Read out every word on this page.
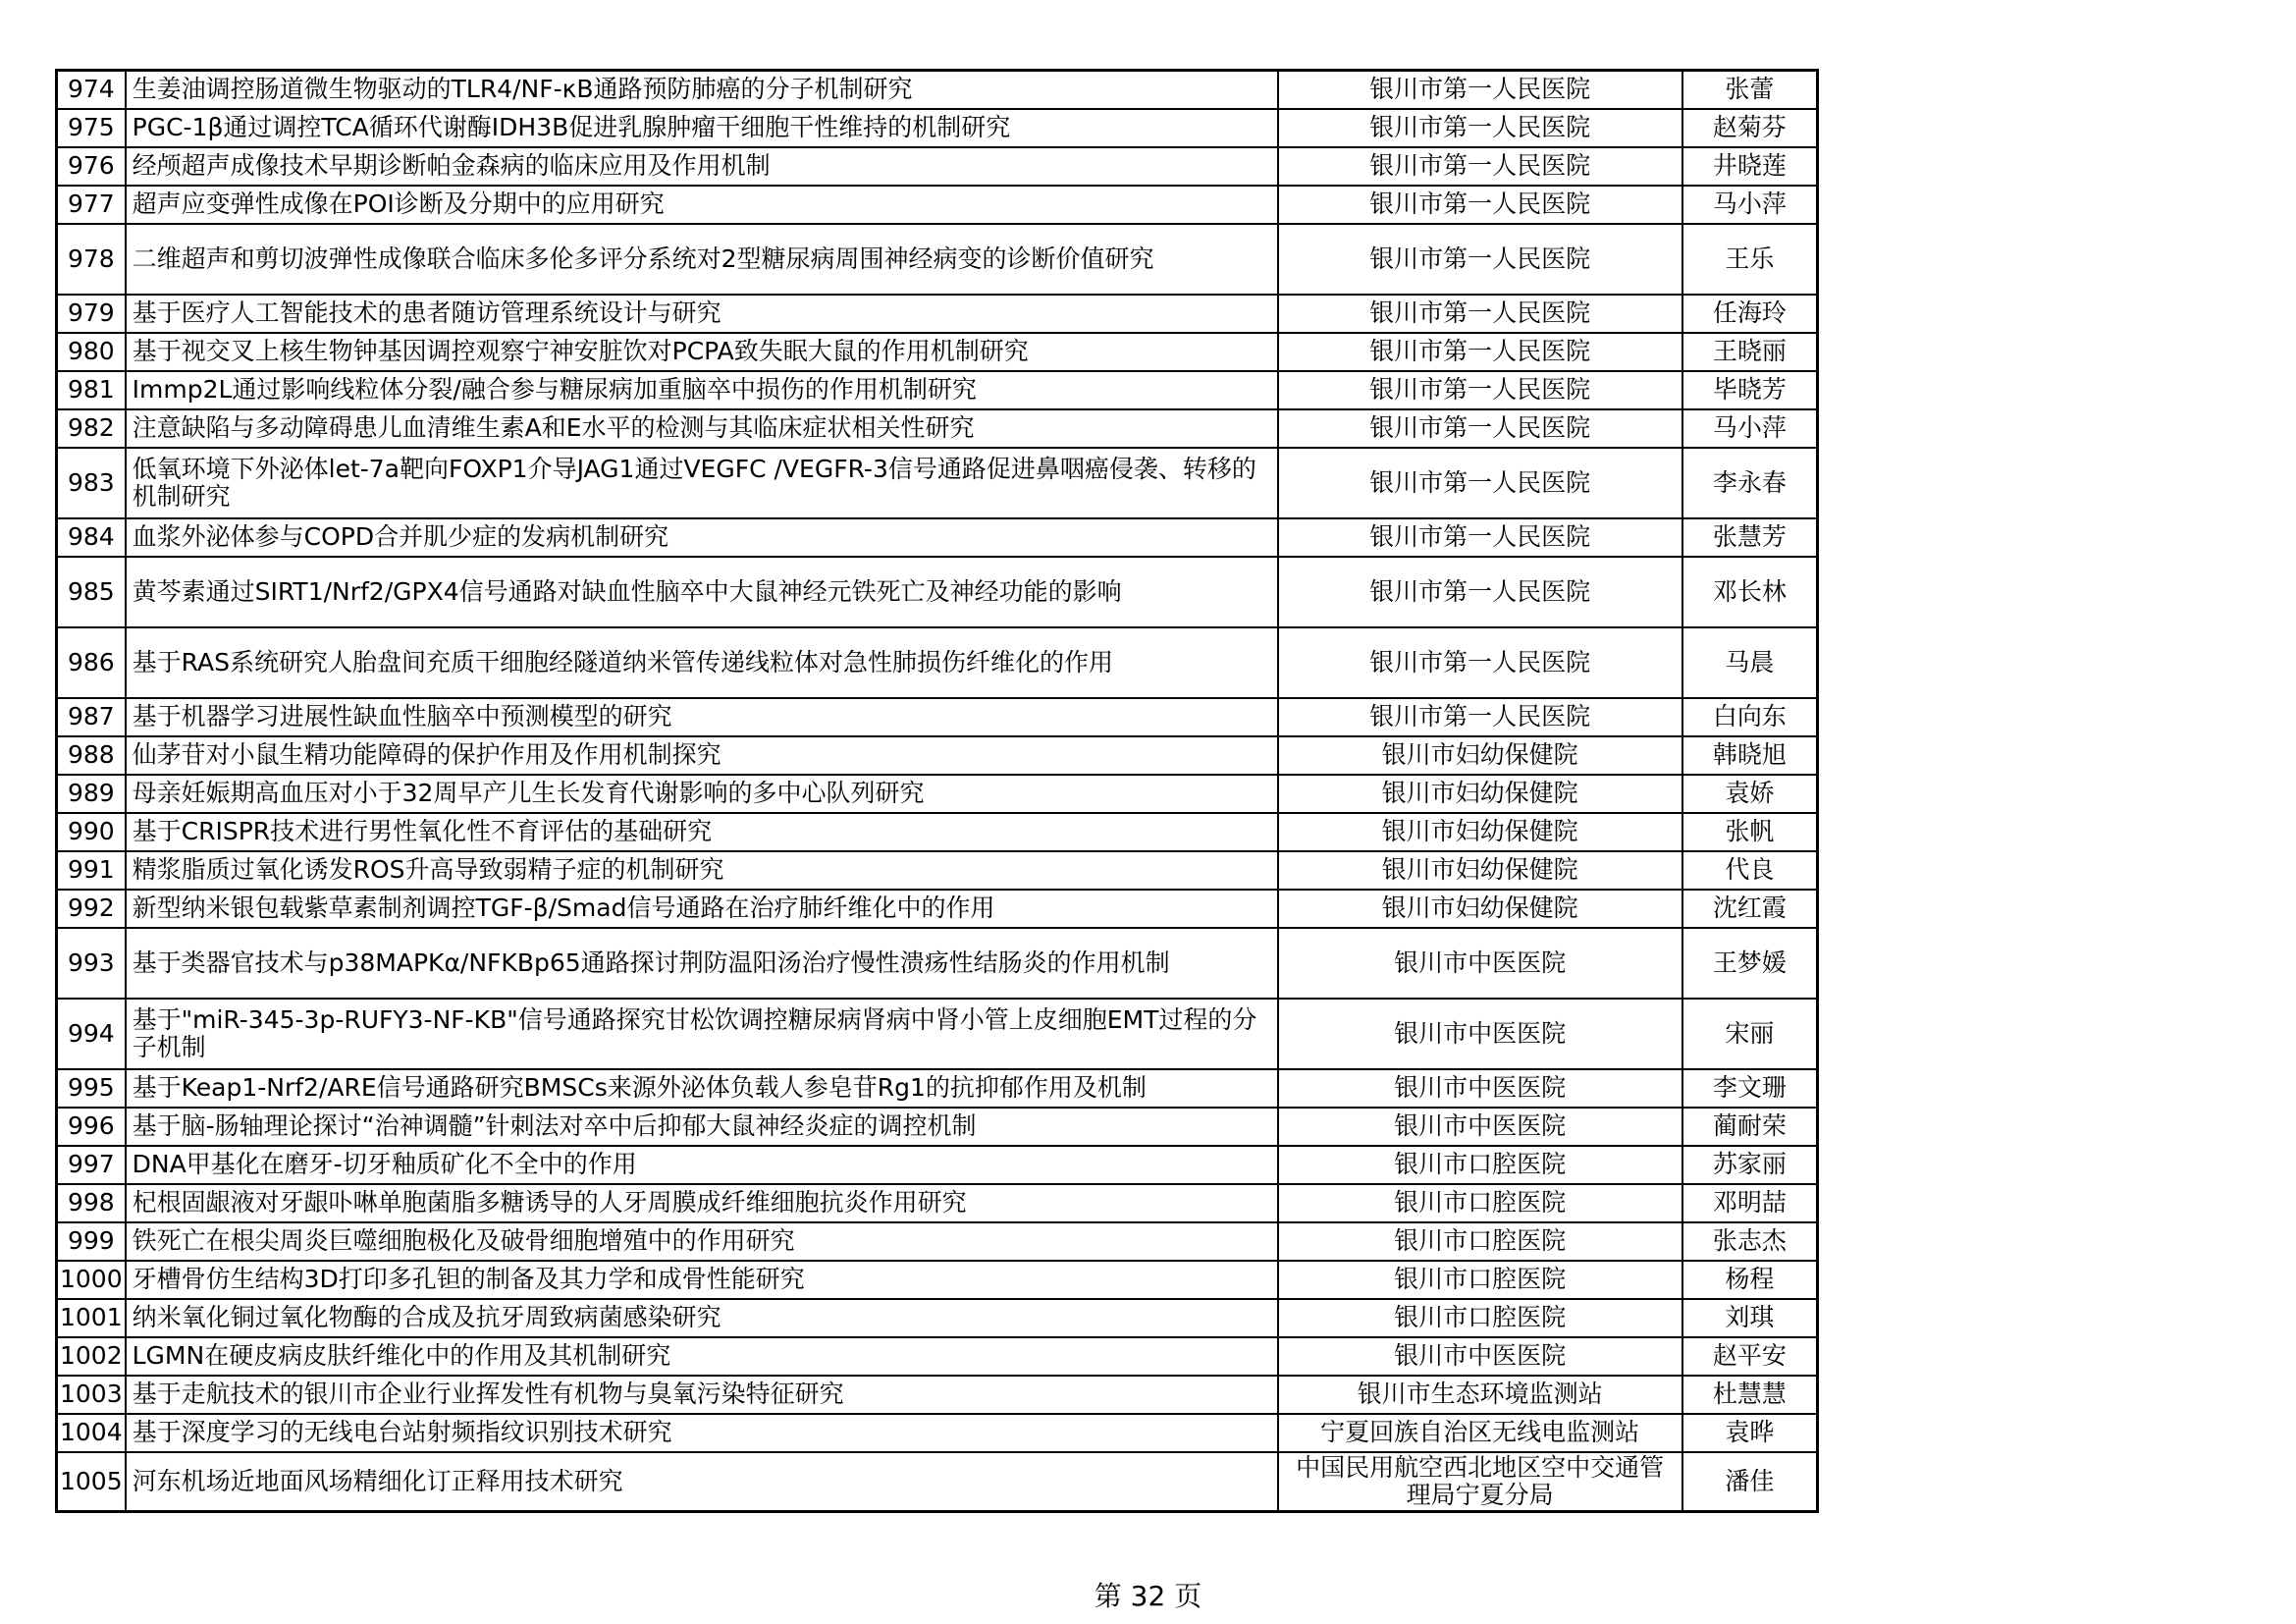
974	生姜油调控肠道微生物驱动的TLR4/NF-κB通路预防肺癌的分子机制研究	银川市第一人民医院	张蕾
975	PGC-1β通过调控TCA循环代谢酶IDH3B促进乳腺肿瘤干细胞干性维持的机制研究	银川市第一人民医院	赵菊芬
976	经颅超声成像技术早期诊断帕金森病的临床应用及作用机制	银川市第一人民医院	井晓莲
977	超声应变弹性成像在POI诊断及分期中的应用研究	银川市第一人民医院	马小萍
978	二维超声和剪切波弹性成像联合临床多伦多评分系统对2型糖尿病周围神经病变的诊断价值研究	银川市第一人民医院	王乐
979	基于医疗人工智能技术的患者随访管理系统设计与研究	银川市第一人民医院	任海玲
980	基于视交叉上核生物钟基因调控观察宁神安脏饮对PCPA致失眠大鼠的作用机制研究	银川市第一人民医院	王晓丽
981	Immp2L通过影响线粒体分裂/融合参与糖尿病加重脑卒中损伤的作用机制研究	银川市第一人民医院	毕晓芳
982	注意缺陷与多动障碍患儿血清维生素A和E水平的检测与其临床症状相关性研究	银川市第一人民医院	马小萍
983	低氧环境下外泌体let-7a靶向FOXP1介导JAG1通过VEGFC /VEGFR-3信号通路促进鼻咽癌侵袭、转移的机制研究	银川市第一人民医院	李永春
984	血浆外泌体参与COPD合并肌少症的发病机制研究	银川市第一人民医院	张慧芳
985	黄芩素通过SIRT1/Nrf2/GPX4信号通路对缺血性脑卒中大鼠神经元铁死亡及神经功能的影响	银川市第一人民医院	邓长林
986	基于RAS系统研究人胎盘间充质干细胞经隧道纳米管传递线粒体对急性肺损伤纤维化的作用	银川市第一人民医院	马晨
987	基于机器学习进展性缺血性脑卒中预测模型的研究	银川市第一人民医院	白向东
988	仙茅苷对小鼠生精功能障碍的保护作用及作用机制探究	银川市妇幼保健院	韩晓旭
989	母亲妊娠期高血压对小于32周早产儿生长发育代谢影响的多中心队列研究	银川市妇幼保健院	袁娇
990	基于CRISPR技术进行男性氧化性不育评估的基础研究	银川市妇幼保健院	张帆
991	精浆脂质过氧化诱发ROS升高导致弱精子症的机制研究	银川市妇幼保健院	代良
992	新型纳米银包载紫草素制剂调控TGF-β/Smad信号通路在治疗肺纤维化中的作用	银川市妇幼保健院	沈红霞
993	基于类器官技术与p38MAPKα/NFKBp65通路探讨荆防温阳汤治疗慢性溃疡性结肠炎的作用机制	银川市中医医院	王梦媛
994	基于"miR-345-3p-RUFY3-NF-KB"信号通路探究甘松饮调控糖尿病肾病中肾小管上皮细胞EMT过程的分子机制	银川市中医医院	宋丽
995	基于Keap1-Nrf2/ARE信号通路研究BMSCs来源外泌体负载人参皂苷Rg1的抗抑郁作用及机制	银川市中医医院	李文珊
996	基于脑-肠轴理论探讨“治神调髓”针刺法对卒中后抑郁大鼠神经炎症的调控机制	银川市中医医院	蔺耐荣
997	DNA甲基化在磨牙-切牙釉质矿化不全中的作用	银川市口腔医院	苏家丽
998	杞根固龈液对牙龈卟啉单胞菌脂多糖诱导的人牙周膜成纤维细胞抗炎作用研究	银川市口腔医院	邓明喆
999	铁死亡在根尖周炎巨噬细胞极化及破骨细胞增殖中的作用研究	银川市口腔医院	张志杰
1000	牙槽骨仿生结构3D打印多孔钽的制备及其力学和成骨性能研究	银川市口腔医院	杨程
1001	纳米氧化铜过氧化物酶的合成及抗牙周致病菌感染研究	银川市口腔医院	刘琪
1002	LGMN在硬皮病皮肤纤维化中的作用及其机制研究	银川市中医医院	赵平安
1003	基于走航技术的银川市企业行业挥发性有机物与臭氧污染特征研究	银川市生态环境监测站	杜慧慧
1004	基于深度学习的无线电台站射频指纹识别技术研究	宁夏回族自治区无线电监测站	袁晔
1005	河东机场近地面风场精细化订正释用技术研究	中国民用航空西北地区空中交通管理局宁夏分局	潘佳
第 32 页
